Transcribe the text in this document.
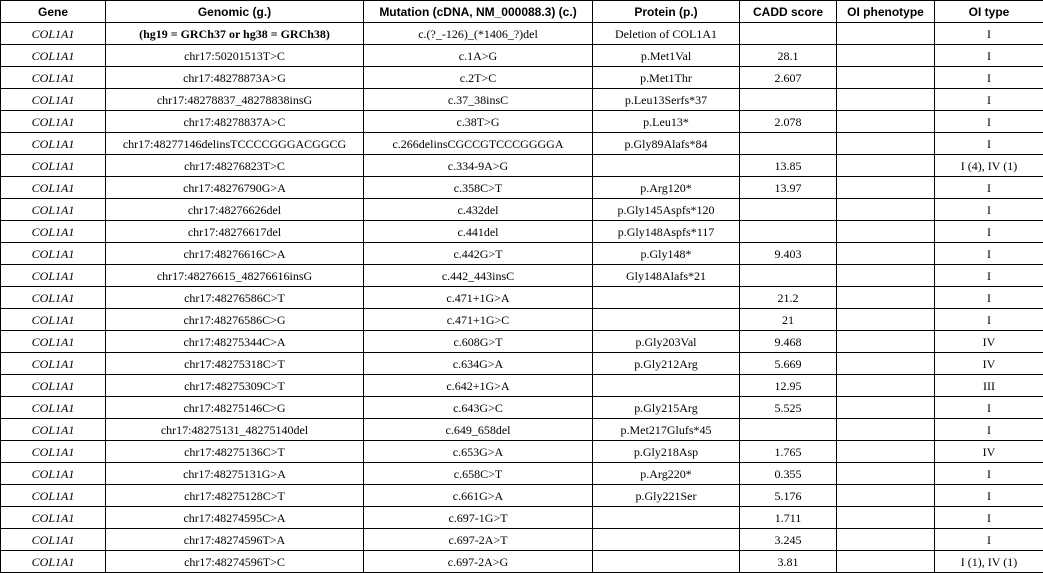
Gene	Genomic (g.)	Mutation (cDNA, NM_000088.3) (c.)	Protein (p.)	CADD score	OI phenotype	OI type
COL1A1	(hg19 = GRCh37 or hg38 = GRCh38)	c.(?_-126)_(*1406_?)del	Deletion of COL1A1			I
COL1A1	chr17:50201513T>C	c.1A>G	p.Met1Val	28.1		I
COL1A1	chr17:48278873A>G	c.2T>C	p.Met1Thr	2.607		I
COL1A1	chr17:48278837_48278838insG	c.37_38insC	p.Leu13Serfs*37			I
COL1A1	chr17:48278837A>C	c.38T>G	p.Leu13*	2.078		I
COL1A1	chr17:48277146delinsTCCCCGGGACGGCG	c.266delinsCGCCGTCCCGGGGA	p.Gly89Alafs*84			I
COL1A1	chr17:48276823T>C	c.334-9A>G		13.85		I (4), IV (1)
COL1A1	chr17:48276790G>A	c.358C>T	p.Arg120*	13.97		I
COL1A1	chr17:48276626del	c.432del	p.Gly145Aspfs*120			I
COL1A1	chr17:48276617del	c.441del	p.Gly148Aspfs*117			I
COL1A1	chr17:48276616C>A	c.442G>T	p.Gly148*	9.403		I
COL1A1	chr17:48276615_48276616insG	c.442_443insC	Gly148Alafs*21			I
COL1A1	chr17:48276586C>T	c.471+1G>A		21.2		I
COL1A1	chr17:48276586C>G	c.471+1G>C		21		I
COL1A1	chr17:48275344C>A	c.608G>T	p.Gly203Val	9.468		IV
COL1A1	chr17:48275318C>T	c.634G>A	p.Gly212Arg	5.669		IV
COL1A1	chr17:48275309C>T	c.642+1G>A		12.95		III
COL1A1	chr17:48275146C>G	c.643G>C	p.Gly215Arg	5.525		I
COL1A1	chr17:48275131_48275140del	c.649_658del	p.Met217Glufs*45			I
COL1A1	chr17:48275136C>T	c.653G>A	p.Gly218Asp	1.765		IV
COL1A1	chr17:48275131G>A	c.658C>T	p.Arg220*	0.355		I
COL1A1	chr17:48275128C>T	c.661G>A	p.Gly221Ser	5.176		I
COL1A1	chr17:48274595C>A	c.697-1G>T		1.711		I
COL1A1	chr17:48274596T>A	c.697-2A>T		3.245		I
COL1A1	chr17:48274596T>C	c.697-2A>G		3.81		I (1), IV (1)
